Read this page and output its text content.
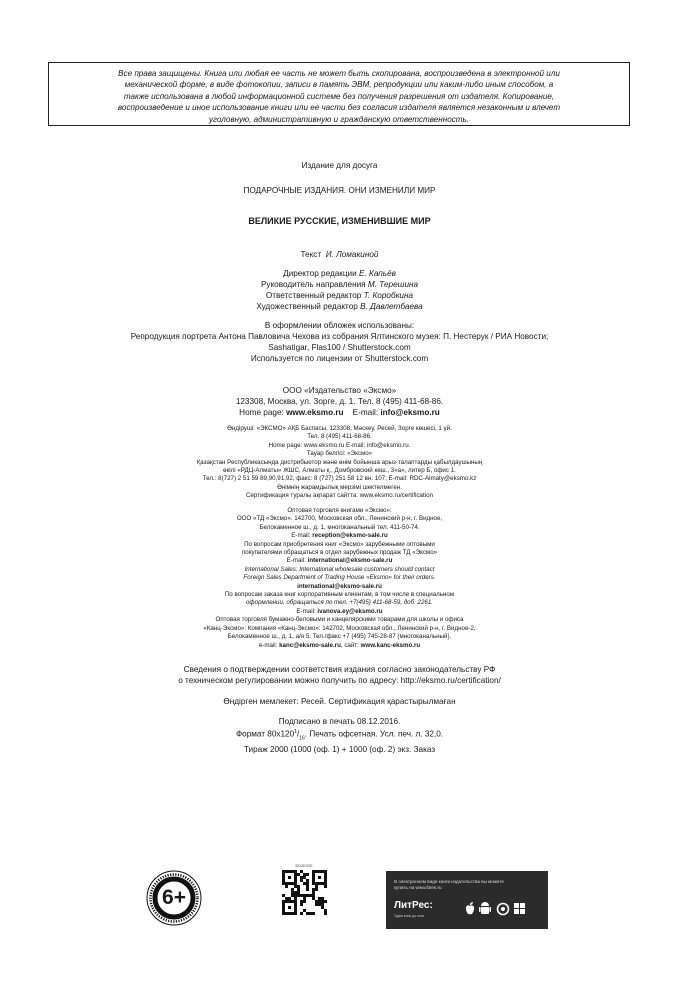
Все права защищены. Книга или любая ее часть не может быть скопирована, воспроизведена в электронной или
механической форме, в виде фотокопии, записи в память ЭВМ, репродукции или каким-либо иным способом, а
также использована в любой информационной системе без получения разрешения от издателя. Копирование,
воспроизведение и иное использование книги или ее части без согласия издателя является незаконным и влечет
уголовную, административную и гражданскую ответственность.
Издание для досуга
ПОДАРОЧНЫЕ ИЗДАНИЯ. ОНИ ИЗМЕНИЛИ МИР
ВЕЛИКИЕ РУССКИЕ, ИЗМЕНИВШИЕ МИР
Текст И. Ломакиной
Директор редакции Е. Капьёв
Руководитель направления М. Терешина
Ответственный редактор Т. Коробкина
Художественный редактор В. Давлетбаева
В оформлении обложек использованы:
Репродукция портрета Антона Павловича Чехова из собрания Ялтинского музея: П. Нестерук / РИА Новости;
Sashatigar, Flas100 / Shutterstock.com
Используется по лицензии от Shutterstock.com
ООО «Издательство «Эксмо»
123308, Москва, ул. Зорге, д. 1. Тел. 8 (495) 411-68-86.
Home page: www.eksmo.ru E-mail: info@eksmo.ru
Өндіруші: «ЭКСМО» АҚБ Баспасы, 123308, Мәскеу, Ресей, Зорге көшесі, 1 үй.
Тел. 8 (495) 411-68-86.
Home page: www.eksmo.ru E-mail: info@eksmo.ru.
Тауар белгісі: «Эксмо»
Қазақстан Республикасында дистрибьютор және өнім бойынша арыз-талаптарды қабылдаушының
өкілі «РДЦ-Алматы» ЖШС, Алматы қ., Домбровский көш., 3«а», литер Б, офис 1.
Тел.: 8(727) 2 51 59 89,90,91,92, факс: 8 (727) 251 58 12 вн. 107; E-mail: RDC-Almaty@eksmo.kz
Өнімнің жарамдылық мерзімі шектелмеген.
Сертификация туралы ақпарат сайтта: www.eksmo.ru/certification
Оптовая торговля книгами «Эксмо»:
ООО «ТД «Эксмо». 142700, Московская обл., Ленинский р-н, г. Видное,
Белокаменное ш., д. 1, многоканальный тел. 411-50-74.
E-mail: reception@eksmo-sale.ru
По вопросам приобретения книг «Эксмо» зарубежными оптовыми
покупателями обращаться в отдел зарубежных продаж ТД «Эксмо»
E-mail: international@eksmo-sale.ru
International Sales: International wholesale customers should contact
Foreign Sales Department of Trading House «Eksmo» for their orders.
international@eksmo-sale.ru
По вопросам заказа книг корпоративным клиентам, в том числе в специальном
оформлении, обращаться по тел. +7(495) 411-68-59, доб. 2261.
E-mail: ivanova.ey@eksmo.ru
Оптовая торговля бумажно-беловыми и канцелярскими товарами для школы и офиса
«Канц-Эксмо»: Компания «Канц-Эксмо»: 142702, Московская обл., Ленинский р-н, г. Видное-2,
Белокаменное ш., д. 1, а/я 5. Тел./факс +7 (495) 745-28-87 (многоканальный).
e-mail: kanc@eksmo-sale.ru, сайт: www.kanc-eksmo.ru
Сведения о подтверждении соответствия издания согласно законодательству РФ
о техническом регулировании можно получить по адресу: http://eksmo.ru/certification/
Өндірген мемлекет: Ресей. Сертификация қарастырылмаған
Подписано в печать 08.12.2016.
Формат $80х120^1/_{16}$. Печать офсетная. Усл. печ. л. 32,0.
Тираж 2000 (1000 (оф. 1) + 1000 (оф. 2) экз. Заказ
6+
BOOKS2D
В электронном виде книги издательства вы можете
купить на www.litres.ru
ЛитРес:
Один клик до книг
